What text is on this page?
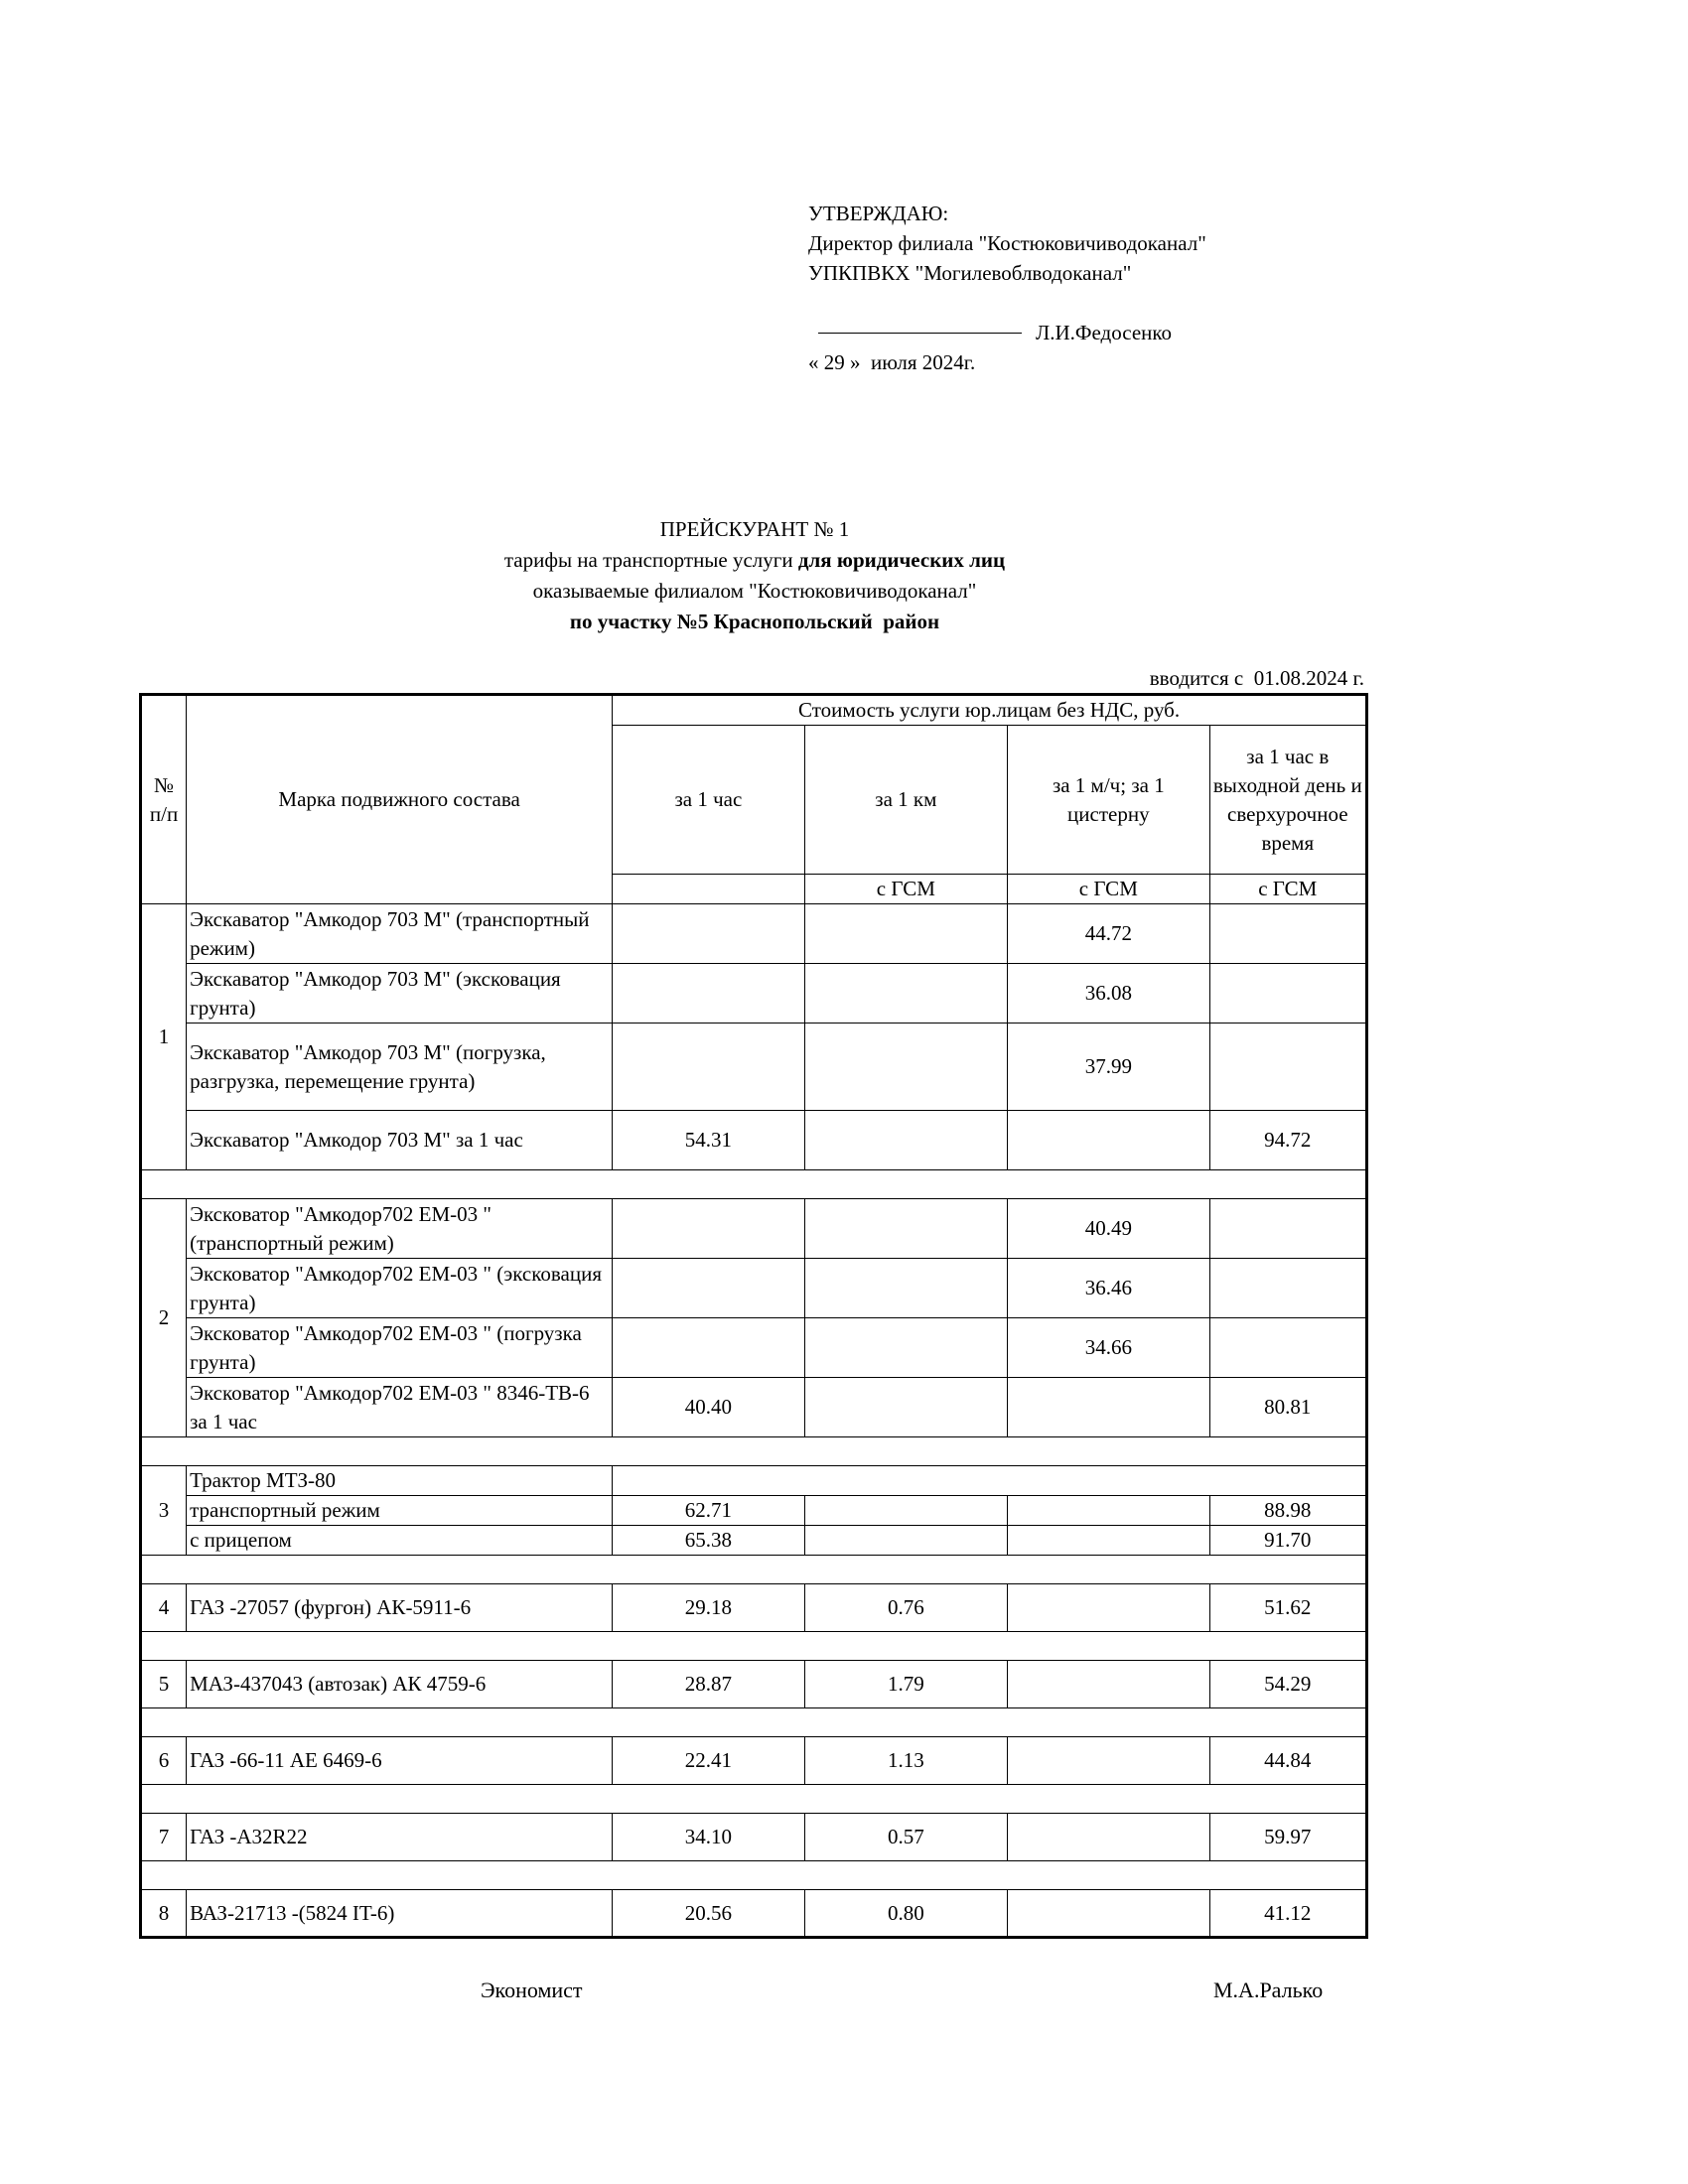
УТВЕРЖДАЮ:
Директор филиала "Костюковичиводоканал"
УПКПВКХ "Могилевоблводоканал"
Л.И.Федосенко
« 29 »  июля 2024г.
ПРЕЙСКУРАНТ № 1
тарифы на транспортные услуги для юридических лиц
оказываемые филиалом "Костюковичиводоканал"
по участку №5 Краснопольский  район
вводится с  01.08.2024 г.
№ п/п	Марка подвижного состава	Стоимость услуги юр.лицам без НДС, руб.			
		за 1 час	за 1 км	за 1 м/ч; за 1 цистерну	за 1 час в выходной день и сверхурочное время
			с ГСМ	с ГСМ	с ГСМ
1	Экскаватор "Амкодор 703 М" (транспортный режим)			44.72	
	Экскаватор "Амкодор 703 М" (эксковация грунта)			36.08	
	Экскаватор "Амкодор 703 М" (погрузка, разгрузка, перемещение грунта)			37.99	
	Экскаватор "Амкодор 703 М" за 1 час	54.31			94.72

2	Эксковатор "Амкодор702 ЕМ-03 " (транспортный режим)			40.49	
	Эксковатор "Амкодор702 ЕМ-03 " (эксковация грунта)			36.46	
	Эксковатор "Амкодор702 ЕМ-03 " (погрузка грунта)			34.66	
	Эксковатор "Амкодор702 ЕМ-03 " 8346-ТВ-6 за 1 час	40.40			80.81

3	Трактор МТЗ-80				
	транспортный режим	62.71			88.98
	с прицепом	65.38			91.70

4	ГАЗ -27057 (фургон) АК-5911-6	29.18	0.76		51.62

5	МАЗ-437043 (автозак) АК 4759-6	28.87	1.79		54.29

6	ГАЗ -66-11 АЕ 6469-6	22.41	1.13		44.84

7	ГАЗ -А32R22	34.10	0.57		59.97

8	ВАЗ-21713 -(5824 IT-6)	20.56	0.80		41.12
Экономист	М.А.Ралько
